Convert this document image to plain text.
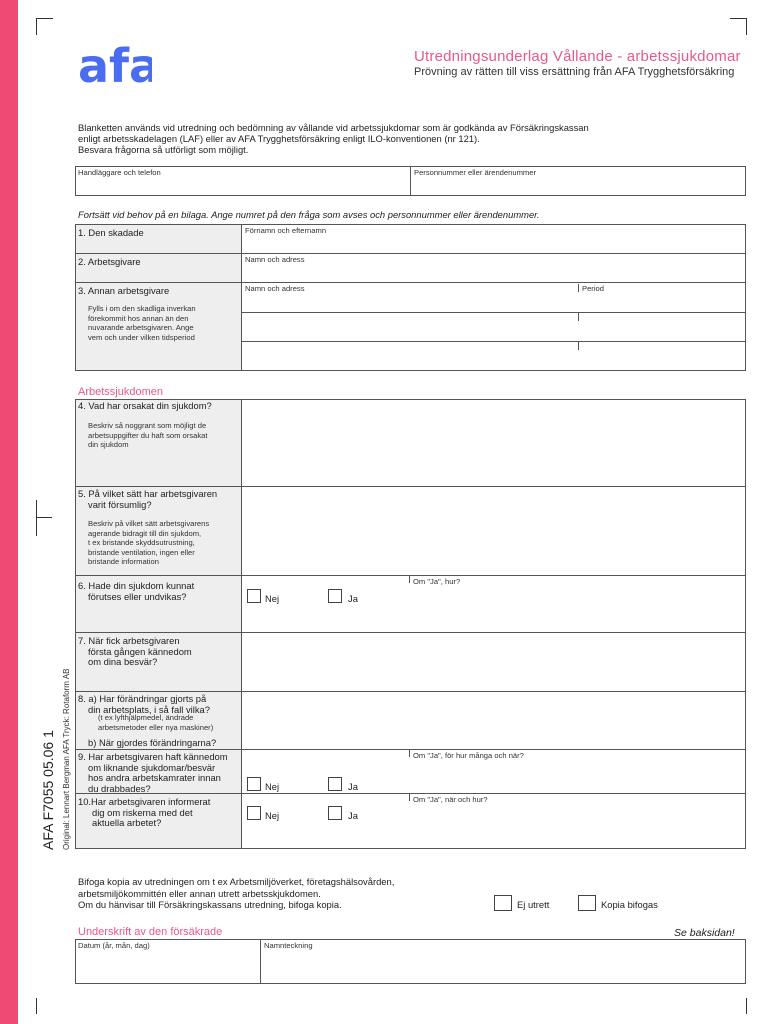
afa	Utredningsunderlag Vållande - arbetssjukdomar
Prövning av rätten till viss ersättning från AFA Trygghetsförsäkring
Blanketten används vid utredning och bedömning av vållande vid arbetssjukdomar som är godkända av Försäkringskassan
enligt arbetsskadelagen (LAF) eller av AFA Trygghetsförsäkring enligt ILO-konventionen (nr 121).
Besvara frågorna så utförligt som möjligt.
Handläggare och telefon	Personnummer eller ärendenummer
Fortsätt vid behov på en bilaga. Ange numret på den fråga som avses och personnummer eller ärendenummer.
1. Den skadade	Förnamn och efternamn
2. Arbetsgivare	Namn och adress
3. Annan arbetsgivare	Namn och adress	Period
Fylls i om den skadliga inverkan
förekommit hos annan än den
nuvarande arbetsgivaren. Ange
vem och under vilken tidsperiod
Arbetssjukdomen
4. Vad har orsakat din sjukdom?
Beskriv så noggrant som möjligt de
arbetsuppgifter du haft som orsakat
din sjukdom
5. På vilket sätt har arbetsgivaren
varit försumlig?
Beskriv på vilket sätt arbetsgivarens
agerande bidragit till din sjukdom,
t ex bristande skyddsutrustning,
bristande ventilation, ingen eller
bristande information
6. Hade din sjukdom kunnat
förutses eller undvikas?	Nej	Ja
Om "Ja", hur?
7. När fick arbetsgivaren
första gången kännedom
om dina besvär?
8. a) Har förändringar gjorts på
din arbetsplats, i så fall vilka?
(t ex lyfthjälpmedel, ändrade
arbetsmetoder eller nya maskiner)
b) När gjordes förändringarna?
9. Har arbetsgivaren haft kännedom
om liknande sjukdomar/besvär
hos andra arbetskamrater innan
du drabbades?	Nej	Ja
Om "Ja", för hur många och när?
10.Har arbetsgivaren informerat
dig om riskerna med det
aktuella arbetet?
Nej	Ja
Om "Ja", när och hur?
Bifoga kopia av utredningen om t ex Arbetsmiljöverket, företagshälsovården,
arbetsmiljökommittén eller annan utrett arbetsskjukdomen.
Om du hänvisar till Försäkringskassans utredning, bifoga kopia.	Ej utrett	Kopia bifogas
Underskrift av den försäkrade	Se baksidan!
Datum (år, mån, dag)	Namnteckning
AFA F7055 05.06 1 Original: Lennart Bergman AFA Tryck: Rotaform AB
